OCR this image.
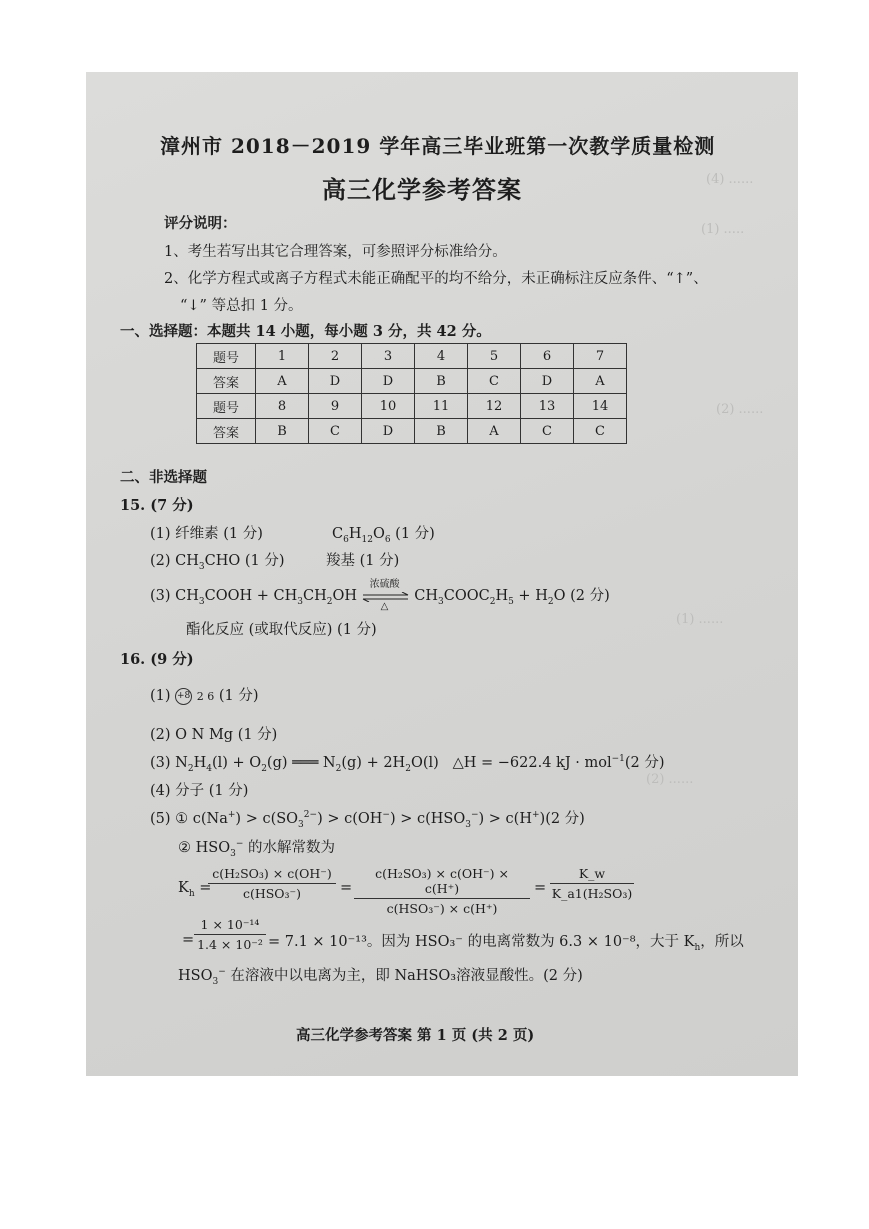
(4) ......
(1) .....
(2) ......
(1) ......
(2) ......
漳州市 2018－2019 学年高三毕业班第一次教学质量检测
高三化学参考答案
评分说明：
1、考生若写出其它合理答案，可参照评分标准给分。
2、化学方程式或离子方程式未能正确配平的均不给分，未正确标注反应条件、“↑”、
“↓” 等总扣 1 分。
一、选择题：本题共 14 小题，每小题 3 分，共 42 分。
题号	1	2	3	4	5	6	7
答案	A	D	D	B	C	D	A
题号	8	9	10	11	12	13	14
答案	B	C	D	B	A	C	C
二、非选择题
15. (7 分)
(1) 纤维素 (1 分)	$C_6H_{12}O_6$ (1 分)
(2) $CH_3CHO$ (1 分)	羧基 (1 分)
(3) $CH_3COOH + CH_3CH_2OH$
浓硫酸
△
$CH_3COOC_2H_5 + H_2O$ (2 分)
酯化反应 (或取代反应) (1 分)
16. (9 分)
(1) +8 2 6 (1 分)
(2) O N Mg (1 分)
(3) $N_2H_4(l) + O_2(g)$ ═══ $N_2(g) + 2H_2O(l)$   △H = −622.4 kJ · mol$^{-1}$(2 分)
(4) 分子 (1 分)
(5) ① $c(Na^+) > c(SO_3^{2-}) > c(OH^-) > c(HSO_3^-) > c(H^+)(2$ 分)
② $HSO_3^-$ 的水解常数为
$K_h$ =
c(H₂SO₃) × c(OH⁻)
c(HSO₃⁻)	=
c(H₂SO₃) × c(OH⁻) × c(H⁺)
c(HSO₃⁻) × c(H⁺)
= $\frac{K\_w}{\text{K\_a1(H₂SO₃)}}$
= $\frac{\text{1 × 10⁻¹⁴}}{\text{1.4 × 10⁻²}} = 7.1 \times 10^{-13}$。因为 HSO₃⁻ 的电离常数为 6.3 × 10⁻⁸，大于 $K_h$，所以
$HSO_3^-$ 在溶液中以电离为主，即 NaHSO₃溶液显酸性。(2 分)
高三化学参考答案 第 1 页 (共 2 页)
